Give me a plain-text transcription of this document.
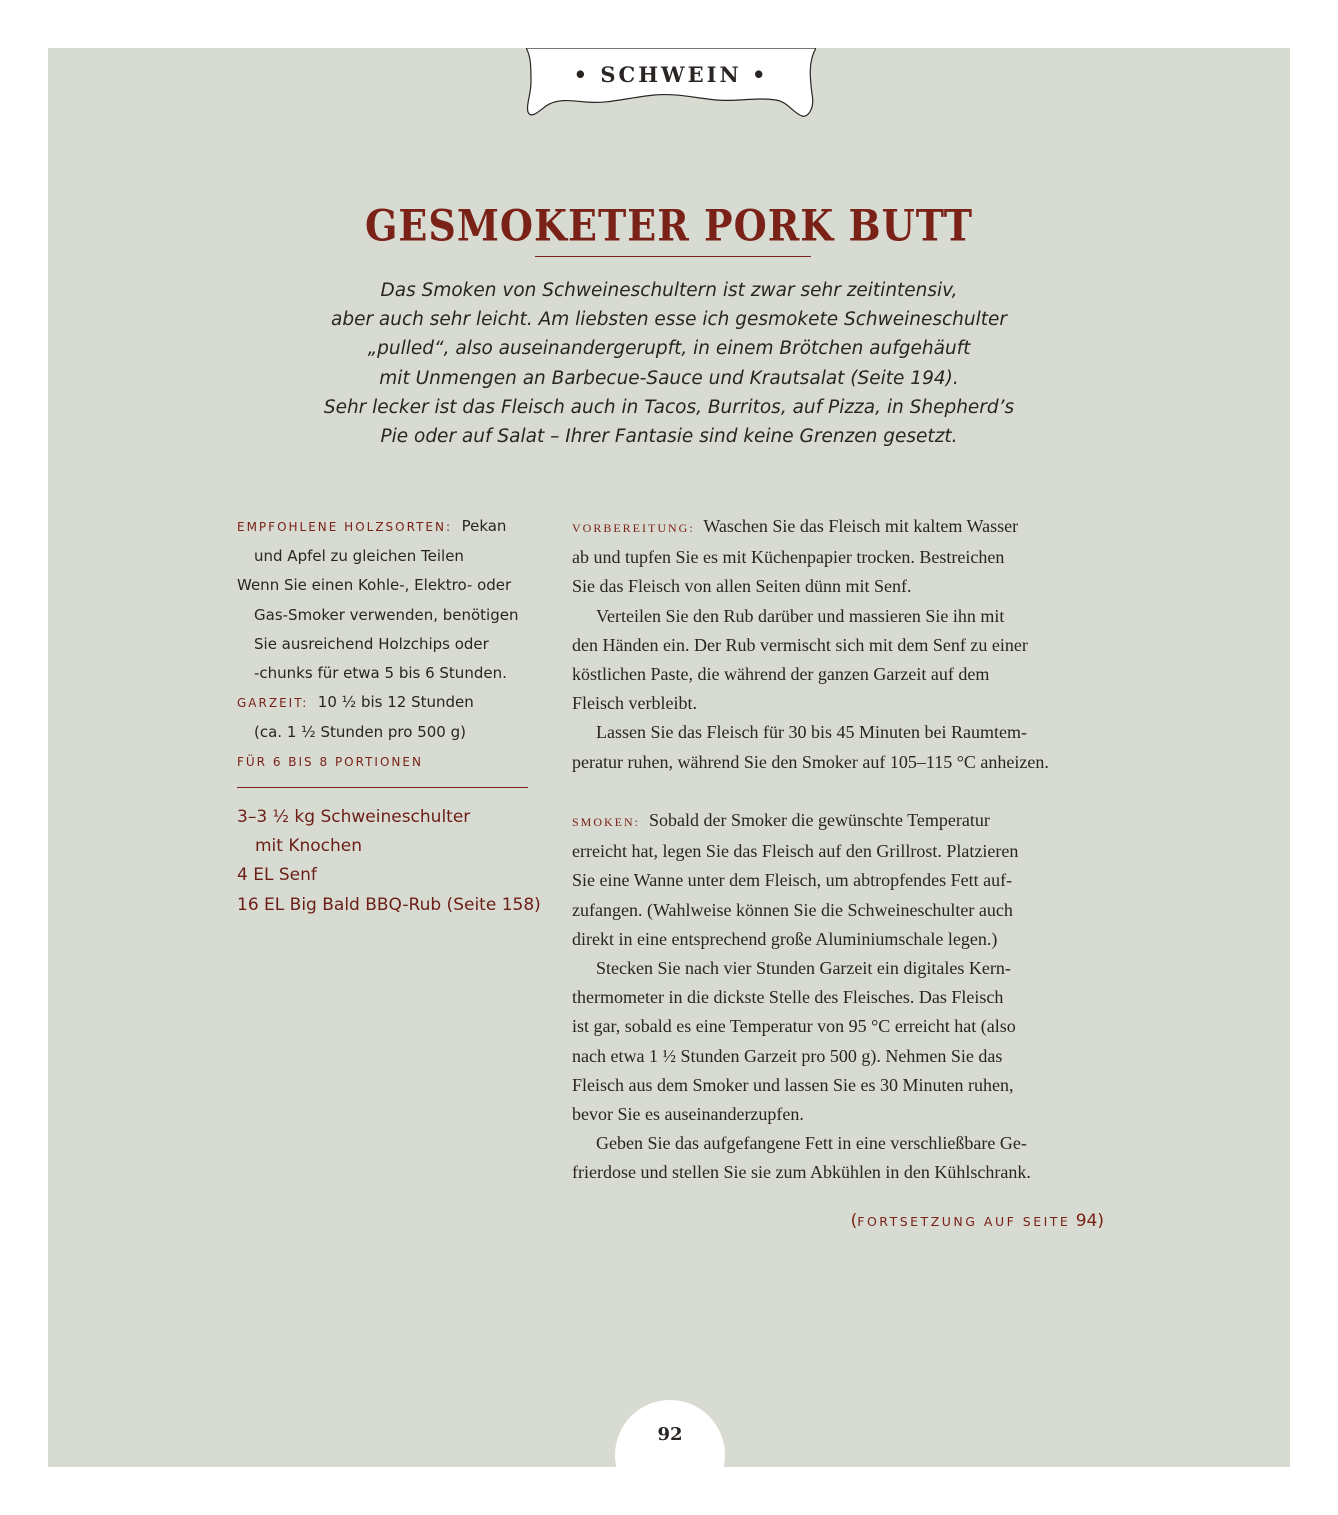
• SCHWEIN •
GESMOKETER PORK BUTT
Das Smoken von Schweineschultern ist zwar sehr zeitintensiv,
aber auch sehr leicht. Am liebsten esse ich gesmokete Schweineschulter
„pulled“, also auseinandergerupft, in einem Brötchen aufgehäuft
mit Unmengen an Barbecue-Sauce und Krautsalat (Seite 194).
Sehr lecker ist das Fleisch auch in Tacos, Burritos, auf Pizza, in Shepherd’s
Pie oder auf Salat – Ihrer Fantasie sind keine Grenzen gesetzt.
EMPFOHLENE HOLZSORTEN: Pekan
und Apfel zu gleichen Teilen
Wenn Sie einen Kohle-, Elektro- oder
Gas-Smoker verwenden, benötigen
Sie ausreichend Holzchips oder
-chunks für etwa 5 bis 6 Stunden.
GARZEIT: 10 ½ bis 12 Stunden
(ca. 1 ½ Stunden pro 500 g)
FÜR 6 BIS 8 PORTIONEN
3–3 ½ kg Schweineschulter
mit Knochen
4 EL Senf
16 EL Big Bald BBQ-Rub (Seite 158)
VORBEREITUNG: Waschen Sie das Fleisch mit kaltem Wasser
ab und tupfen Sie es mit Küchenpapier trocken. Bestreichen
Sie das Fleisch von allen Seiten dünn mit Senf.
Verteilen Sie den Rub darüber und massieren Sie ihn mit
den Händen ein. Der Rub vermischt sich mit dem Senf zu einer
köstlichen Paste, die während der ganzen Garzeit auf dem
Fleisch verbleibt.
Lassen Sie das Fleisch für 30 bis 45 Minuten bei Raumtem-
peratur ruhen, während Sie den Smoker auf 105–115 °C anheizen.
SMOKEN: Sobald der Smoker die gewünschte Temperatur
erreicht hat, legen Sie das Fleisch auf den Grillrost. Platzieren
Sie eine Wanne unter dem Fleisch, um abtropfendes Fett auf-
zufangen. (Wahlweise können Sie die Schweineschulter auch
direkt in eine entsprechend große Aluminiumschale legen.)
Stecken Sie nach vier Stunden Garzeit ein digitales Kern-
thermometer in die dickste Stelle des Fleisches. Das Fleisch
ist gar, sobald es eine Temperatur von 95 °C erreicht hat (also
nach etwa 1 ½ Stunden Garzeit pro 500 g). Nehmen Sie das
Fleisch aus dem Smoker und lassen Sie es 30 Minuten ruhen,
bevor Sie es auseinanderzupfen.
Geben Sie das aufgefangene Fett in eine verschließbare Ge-
frierdose und stellen Sie sie zum Abkühlen in den Kühlschrank.
(FORTSETZUNG AUF SEITE 94)
92
